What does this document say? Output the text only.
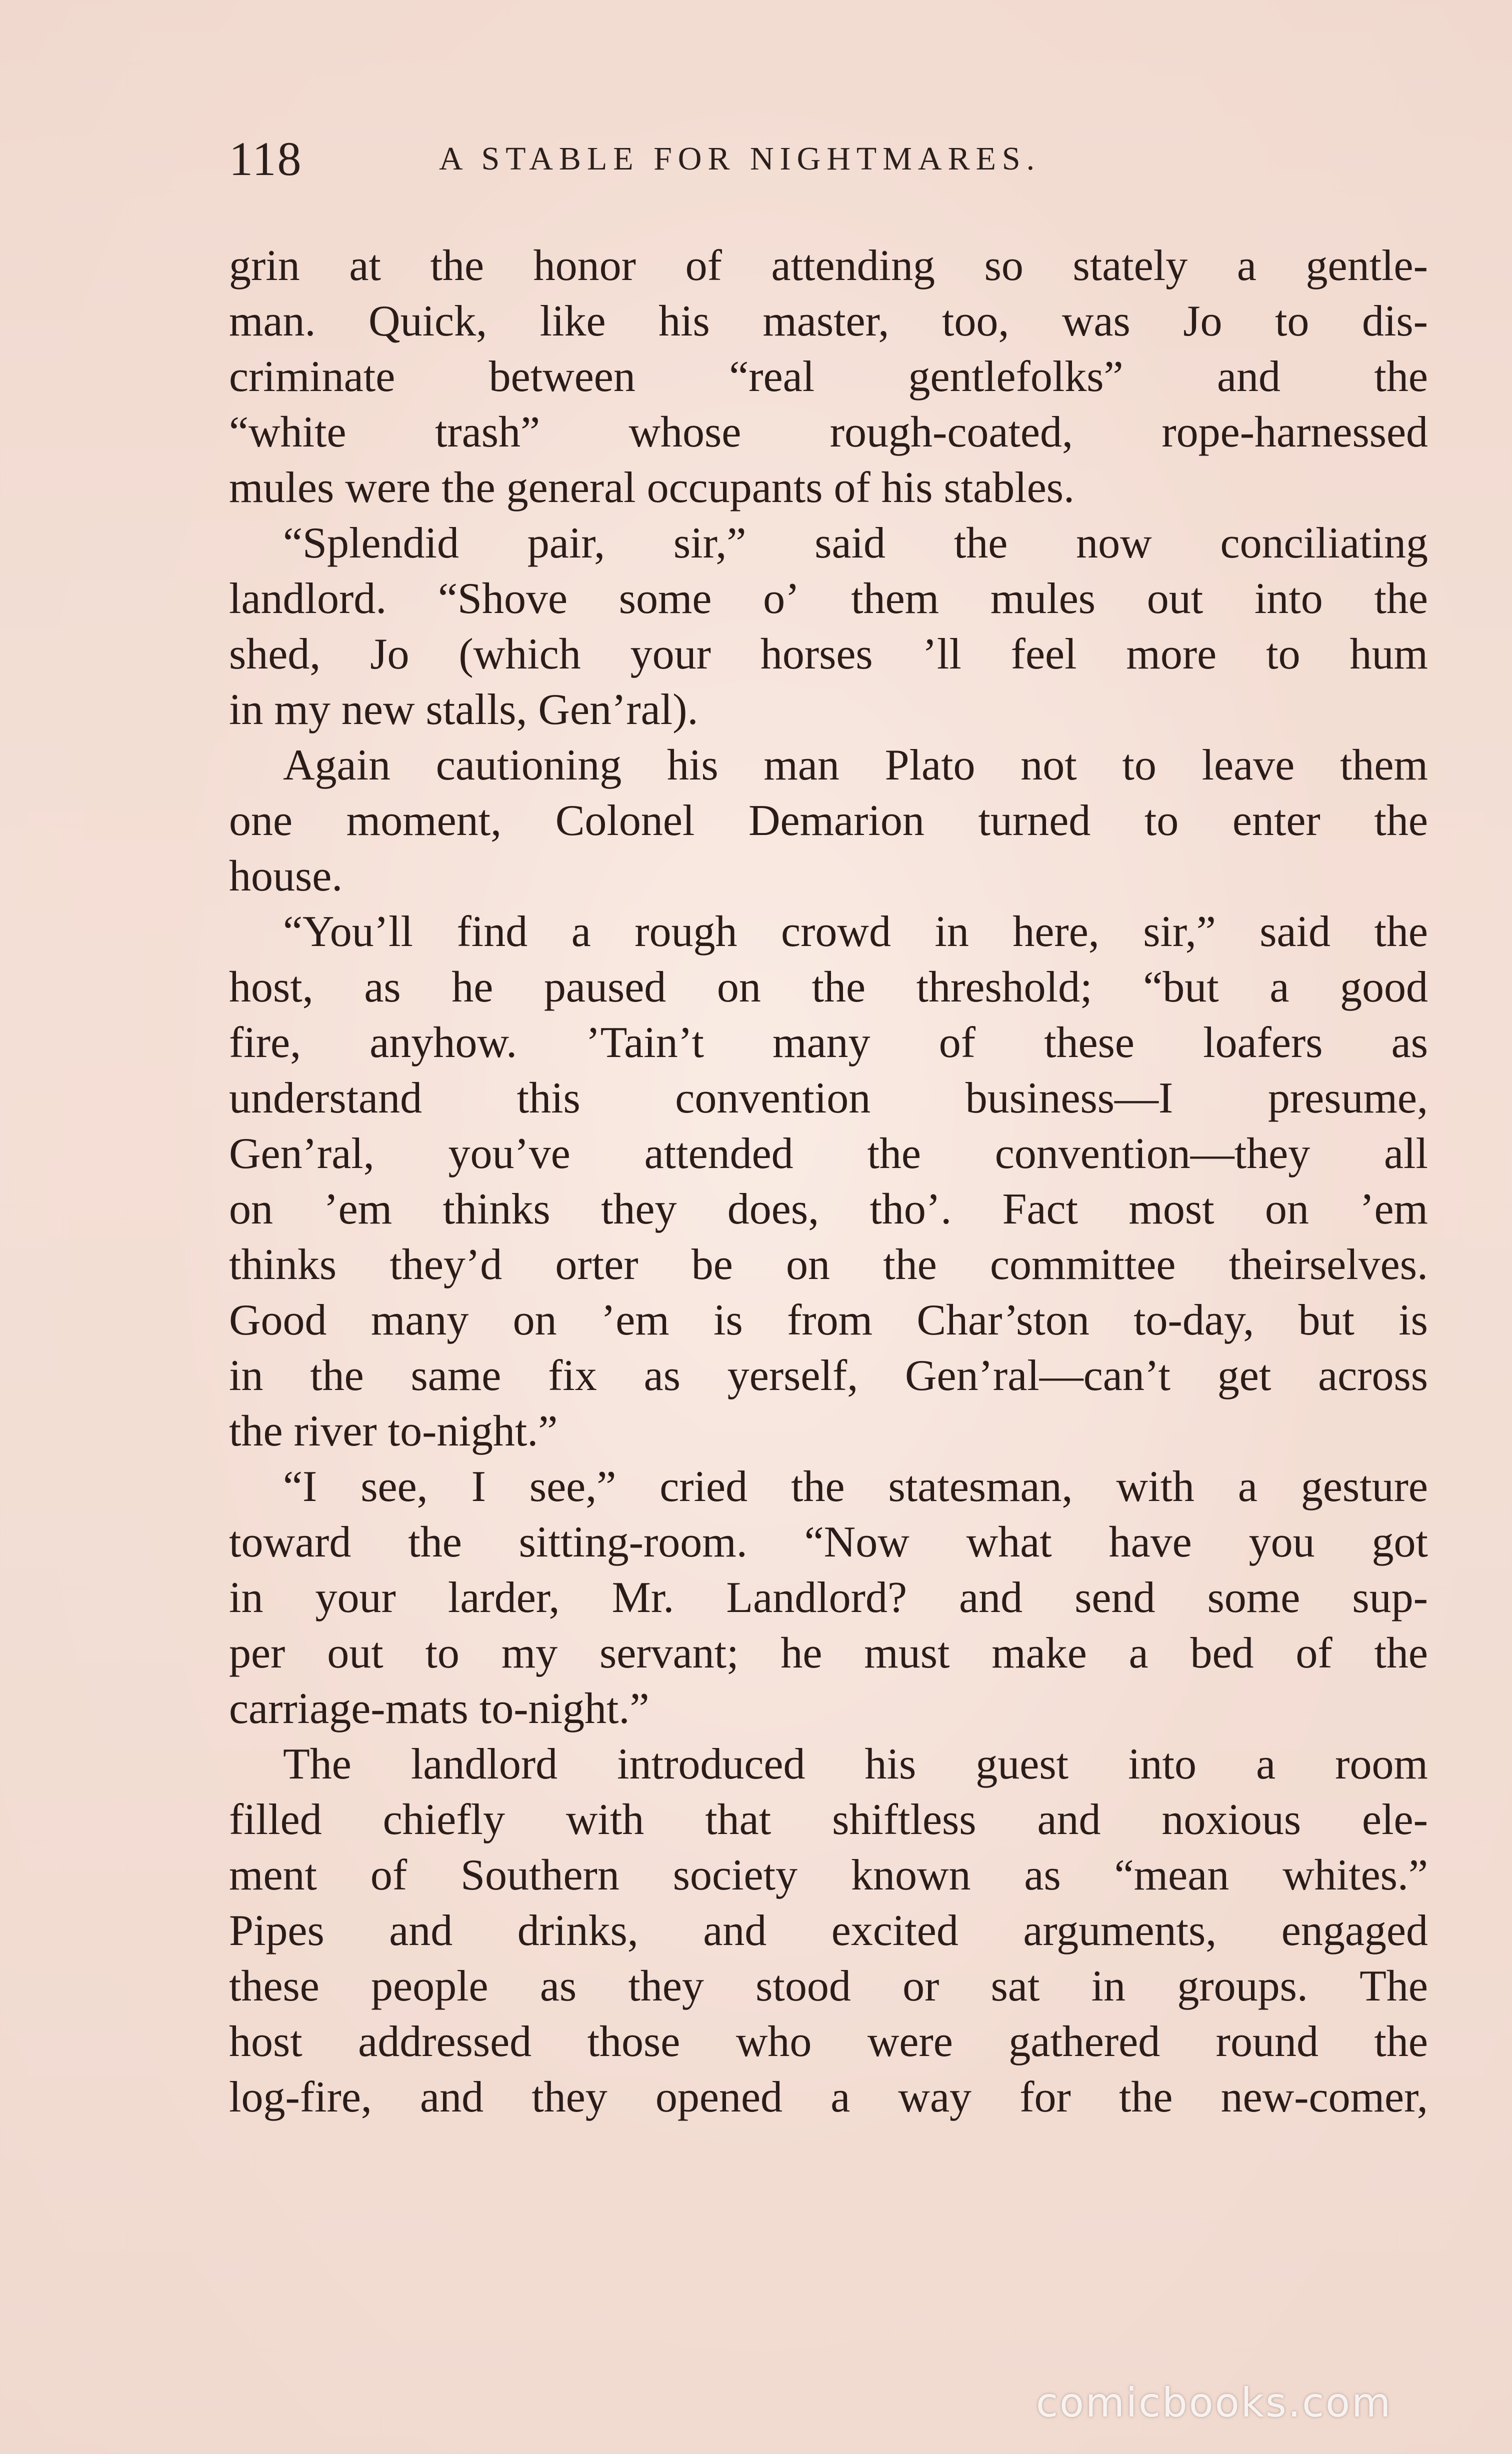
118	A STABLE FOR NIGHTMARES.
grin at the honor of attending so stately a gentle-
man. Quick, like his master, too, was Jo to dis-
criminate between “real gentlefolks” and the
“white trash” whose rough-coated, rope-harnessed
mules were the general occupants of his stables.
“Splendid pair, sir,” said the now conciliating
landlord. “Shove some o’ them mules out into the
shed, Jo (which your horses ’ll feel more to hum
in my new stalls, Gen’ral).
Again cautioning his man Plato not to leave them
one moment, Colonel Demarion turned to enter the
house.
“You’ll find a rough crowd in here, sir,” said the
host, as he paused on the threshold; “but a good
fire, anyhow. ’Tain’t many of these loafers as
understand this convention business—I presume,
Gen’ral, you’ve attended the convention—they all
on ’em thinks they does, tho’. Fact most on ’em
thinks they’d orter be on the committee theirselves.
Good many on ’em is from Char’ston to-day, but is
in the same fix as yerself, Gen’ral—can’t get across
the river to-night.”
“I see, I see,” cried the statesman, with a gesture
toward the sitting-room. “Now what have you got
in your larder, Mr. Landlord? and send some sup-
per out to my servant; he must make a bed of the
carriage-mats to-night.”
The landlord introduced his guest into a room
filled chiefly with that shiftless and noxious ele-
ment of Southern society known as “mean whites.”
Pipes and drinks, and excited arguments, engaged
these people as they stood or sat in groups. The
host addressed those who were gathered round the
log-fire, and they opened a way for the new-comer,
comicbooks.com
